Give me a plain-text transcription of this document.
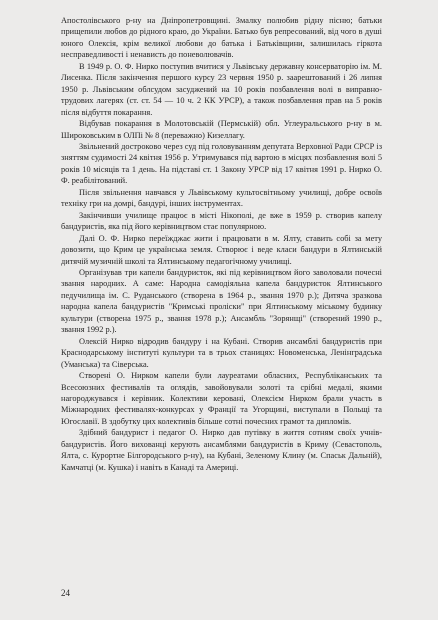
Апостолівського р-ну на Дніпропетровщині. Змалку полюбив рідну пісню; батьки прищепили любов до рідного краю, до України. Батько був репресований, від чого в душі юного Олексія, крім великої любови до батька і Батьківщини, залишилась гіркота несправедливості і ненависть до поневолювачів.

В 1949 р. О. Ф. Нирко поступив вчитися у Львівську державну консерваторію ім. М. Лисенка. Після закінчення першого курсу 23 червня 1950 р. заарештований і 26 липня 1950 р. Львівським облсудом засуджений на 10 років позбавлення волі в виправно-трудових лагерях (ст. ст. 54 — 10 ч. 2 КК УРСР), а також позбавлення прав на 5 років після відбуття покарання.

Відбував покарання в Молотовській (Пермській) обл. Углеуральського р-ну в м. Широковським в ОЛПі № 8 (переважно) Кизеллагу.

Звільнений достроково через суд під головуванням депутата Верховної Ради СРСР із зняттям судимості 24 квітня 1956 р. Утримувався під вартою в місцях позбавлення волі 5 років 10 місяців та 1 день. На підставі ст. 1 Закону УРСР від 17 квітня 1991 р. Нирко О. Ф. реабілітований.

Після звільнення навчався у Львівському культосвітньому училищі, добре освоїв техніку гри на домрі, бандурі, інших інструментах.

Закінчивши училище працює в місті Нікополі, де вже в 1959 р. створив капелу бандуристів, яка під його керівництвом стає популярною.

Далі О. Ф. Нирко переїжджає жити і працювати в м. Ялту, ставить собі за мету довозити, що Крим це українська земля. Створює і веде класи бандури в Ялтинській дитячій музичній школі та Ялтинському педагогічному училищі.

Організував три капели бандуристок, які під керівництвом його заволовали почесні звання народних. А саме: Народна самодіяльна капела бандуристок Ялтинського педучилища ім. С. Руданського (створена в 1964 р., звання 1970 р.); Дитяча зразкова народна капела бандуристів "Кримські пролiски" при Ялтинському міському будинку культури (створена 1975 р., звання 1978 р.); Ансамбль "Зорянщі" (створений 1990 р., звання 1992 р.).

Олексій Нирко відродив бандуру і на Кубані. Створив ансамблі бандуристів при Краснодарському інституті культури та в трьох станицях: Новоменська, Ленінградська (Уманська) та Сіверська.

Створені О. Нирком капели були лауреатами обласних, Республіканських та Всесоюзних фестивалів та оглядів, завойовували золоті та срібні медалі, якими нагороджувався і керівник. Колективи керовані, Олексієм Нирком брали участь в Міжнародних фестивалях-конкурсах у Франції та Угорщині, виступали в Польщі та Югославії. В здобутку цих колективів більше сотні почесних грамот та дипломів.

Здібний бандурист і педагог О. Нирко дав путівку в життя сотням своїх учнів-бандуристів. Його вихованці керують ансамблями бандуристів в Криму (Севастополь, Ялта, с. Курортне Білгородського р-ну), на Кубані, Зеленому Клину (м. Спаськ Дальній), Камчатці (м. Кушка) і навіть в Канаді та Америці.

24
